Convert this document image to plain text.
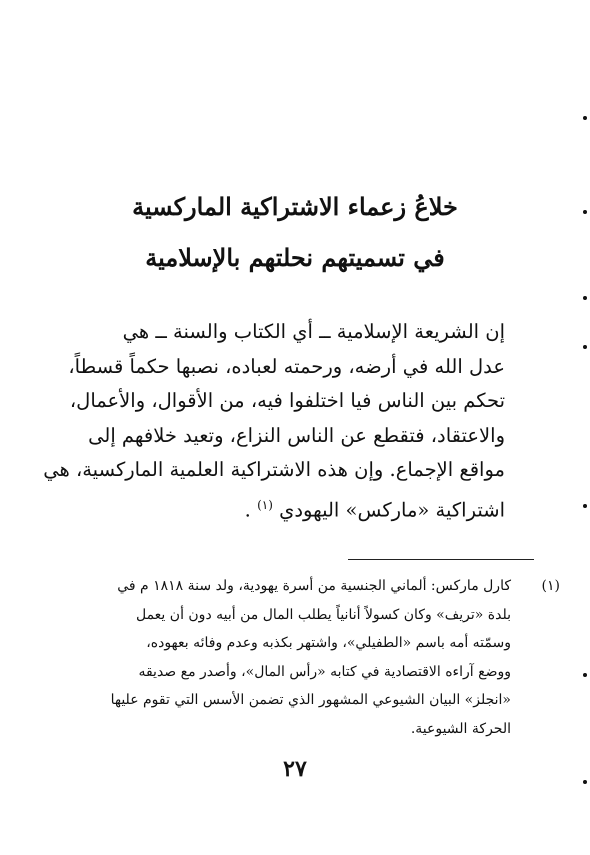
خلاعُ زعماء الاشتراكية الماركسية
في تسميتهم نحلتهم بالإسلامية
إن الشريعة الإسلامية ــ أي الكتاب والسنة ــ هي
عدل الله في أرضه، ورحمته لعباده، نصبها حكماً قسطاً،
تحكم بين الناس فيا اختلفوا فيه، من الأقوال، والأعمال،
والاعتقاد، فتقطع عن الناس النزاع، وتعيد خلافهم إلى
مواقع الإجماع. وإن هذه الاشتراكية العلمية الماركسية، هي
اشتراكية «ماركس» اليهودي $^{(١)}$ .
(١)
كارل ماركس: ألماني الجنسية من أسرة يهودية، ولد سنة ١٨١٨ م في
بلدة «تريف» وكان كسولاً أنانياً يطلب المال من أبيه دون أن يعمل
وسمّته أمه باسم «الطفيلي»، واشتهر بكذبه وعدم وفائه بعهوده،
ووضع آراءه الاقتصادية في كتابه «رأس المال»، وأصدر مع صديقه
«انجلز» البيان الشيوعي المشهور الذي تضمن الأسس التي تقوم عليها
الحركة الشيوعية.
٢٧
